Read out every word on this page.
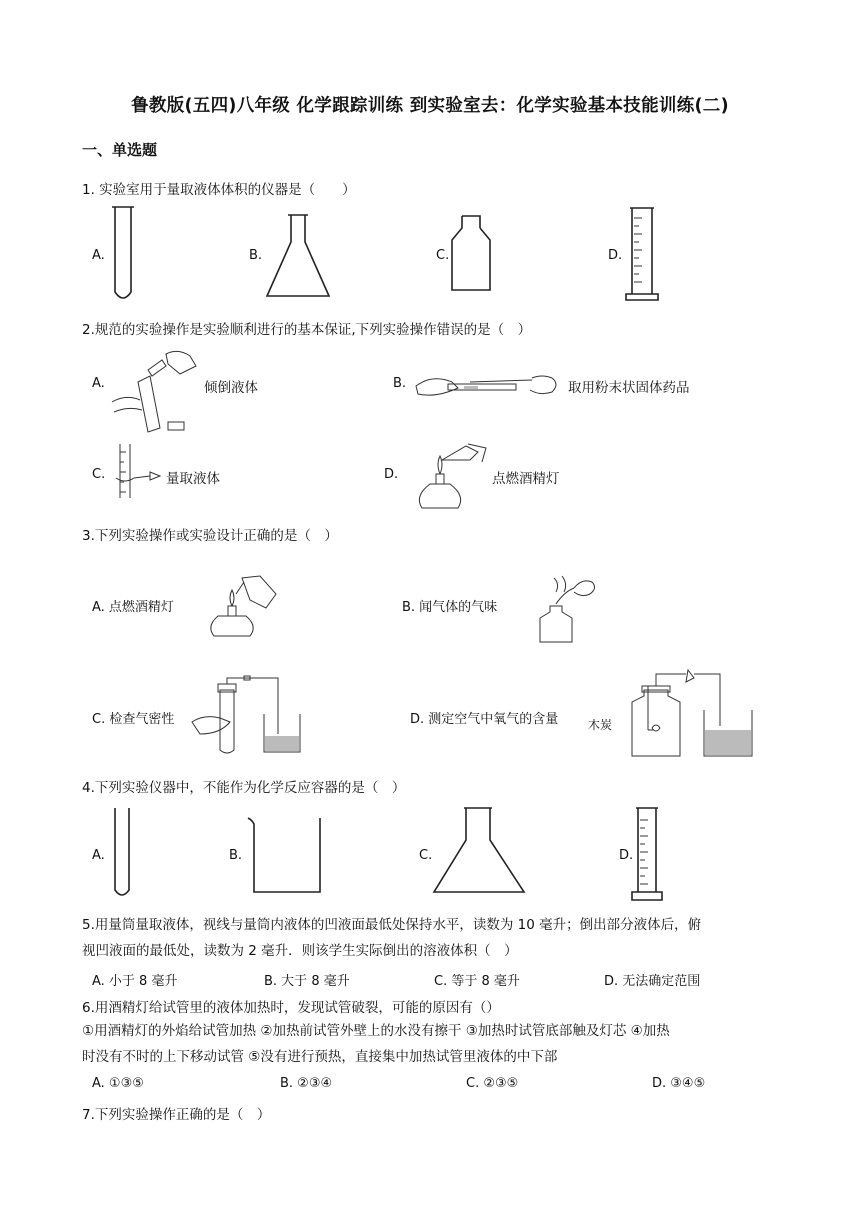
鲁教版(五四)八年级 化学跟踪训练 到实验室去：化学实验基本技能训练(二)
一、单选题
1. 实验室用于量取液体体积的仪器是（　　）
A.	B.	C.	D.
2.规范的实验操作是实验顺利进行的基本保证,下列实验操作错误的是（　）
A.	倾倒液体	B.	取用粉末状固体药品
C.	量取液体	D.	点燃酒精灯
3.下列实验操作或实验设计正确的是（　）
A. 点燃酒精灯	B. 闻气体的气味
C. 检查气密性	D. 测定空气中氧气的含量 木炭
4.下列实验仪器中，不能作为化学反应容器的是（　）
A.	B.	C.	D.
5.用量筒量取液体，视线与量筒内液体的凹液面最低处保持水平，读数为 10 毫升；倒出部分液体后，俯
视凹液面的最低处，读数为 2 毫升．则该学生实际倒出的溶液体积（　）
A. 小于 8 毫升	B. 大于 8 毫升	C. 等于 8 毫升	D. 无法确定范围
6.用酒精灯给试管里的液体加热时，发现试管破裂，可能的原因有（）
①用酒精灯的外焰给试管加热 ②加热前试管外壁上的水没有擦干 ③加热时试管底部触及灯芯 ④加热
时没有不时的上下移动试管 ⑤没有进行预热，直接集中加热试管里液体的中下部
A. ①③⑤	B. ②③④	C. ②③⑤	D. ③④⑤
7.下列实验操作正确的是（　）
